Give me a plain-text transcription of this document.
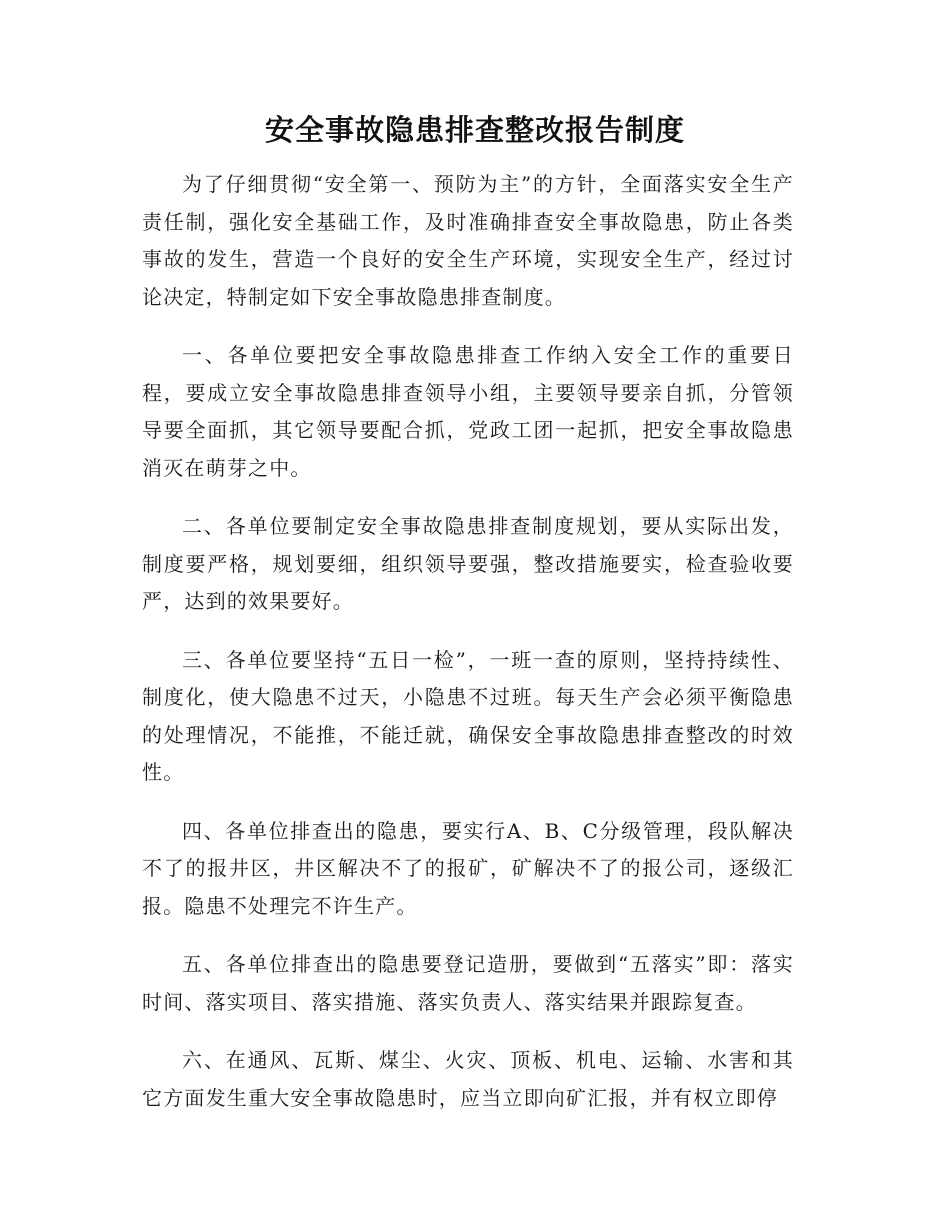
安全事故隐患排查整改报告制度

为了仔细贯彻“安全第一、预防为主”的方针，全面落实安全生产责任制，强化安全基础工作，及时准确排查安全事故隐患，防止各类事故的发生，营造一个良好的安全生产环境，实现安全生产，经过讨论决定，特制定如下安全事故隐患排查制度。

一、各单位要把安全事故隐患排查工作纳入安全工作的重要日程，要成立安全事故隐患排查领导小组，主要领导要亲自抓，分管领导要全面抓，其它领导要配合抓，党政工团一起抓，把安全事故隐患消灭在萌芽之中。

二、各单位要制定安全事故隐患排查制度规划，要从实际出发，制度要严格，规划要细，组织领导要强，整改措施要实，检查验收要严，达到的效果要好。

三、各单位要坚持“五日一检”，一班一查的原则，坚持持续性、制度化，使大隐患不过天，小隐患不过班。每天生产会必须平衡隐患的处理情况，不能推，不能迁就，确保安全事故隐患排查整改的时效性。

四、各单位排查出的隐患，要实行A、B、C分级管理，段队解决不了的报井区，井区解决不了的报矿，矿解决不了的报公司，逐级汇报。隐患不处理完不许生产。

五、各单位排查出的隐患要登记造册，要做到“五落实”即：落实时间、落实项目、落实措施、落实负责人、落实结果并跟踪复查。

六、在通风、瓦斯、煤尘、火灾、顶板、机电、运输、水害和其它方面发生重大安全事故隐患时，应当立即向矿汇报，并有权立即停
